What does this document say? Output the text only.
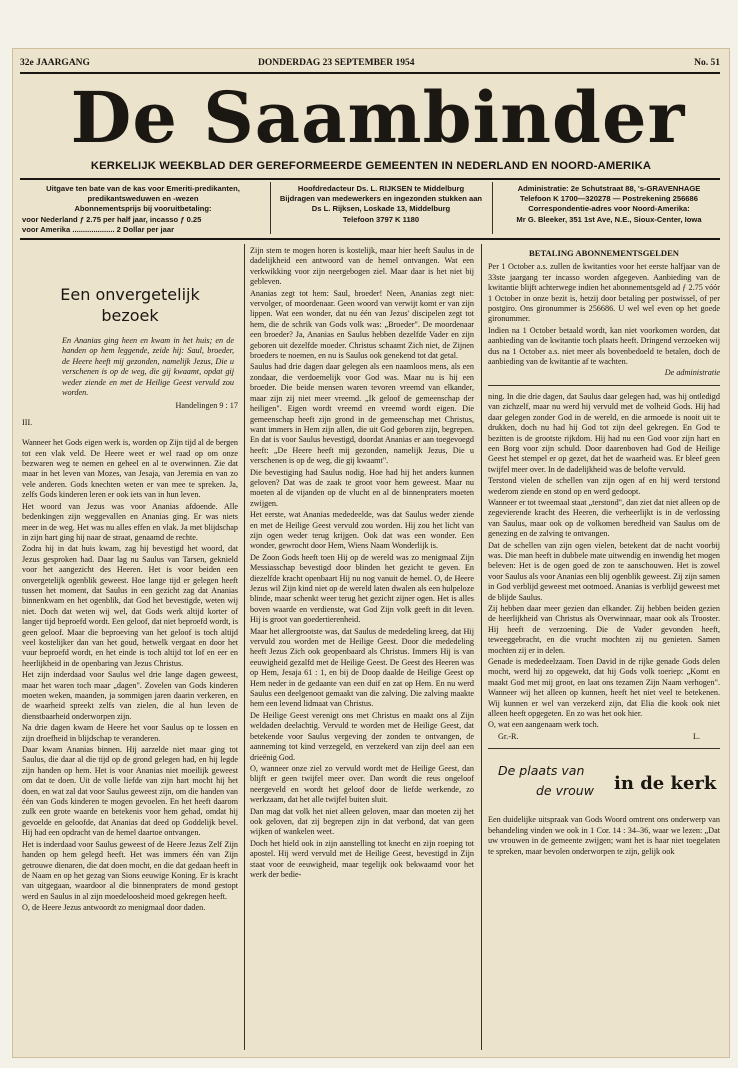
32e JAARGANG	DONDERDAG 23 SEPTEMBER 1954	No. 51
De Saambinder
KERKELIJK WEEKBLAD DER GEREFORMEERDE GEMEENTEN IN NEDERLAND EN NOORD-AMERIKA
Uitgave ten bate van de kas voor Emeriti-predikanten,
predikantsweduwen en -wezen
Abonnementsprijs bij vooruitbetaling:
voor Nederland ƒ 2.75 per half jaar, incasso ƒ 0.25
voor Amerika .................... 2 Dollar per jaar
Hoofdredacteur Ds. L. RIJKSEN te Middelburg
Bijdragen van medewerkers en ingezonden stukken aan
Ds L. Rijksen, Loskade 13, Middelburg
Telefoon 3797 K 1180
Administratie: 2e Schutstraat 88, 's-GRAVENHAGE
Telefoon K 1700—320278 — Postrekening 256686
Correspondentie-adres voor Noord-Amerika:
Mr G. Bleeker, 351 1st Ave, N.E., Sioux-Center, Iowa
Een onvergetelijk bezoek
En Ananias ging heen en kwam in het huis; en de handen op hem leggende, zeide hij: Saul, broeder, de Heere heeft mij gezonden, namelijk Jezus, Die u verschenen is op de weg, die gij kwaamt, opdat gij weder ziende en met de Heilige Geest vervuld zou worden.
Handelingen 9 : 17
III.

Wanneer het Gods eigen werk is, worden op Zijn tijd al de bergen tot een vlak veld. De Heere weet er wel raad op om onze bezwaren weg te nemen en geheel en al te overwinnen. Zie dat maar in het leven van Mozes, van Jesaja, van Jeremia en van zo vele anderen. Gods knechten weten er van mee te spreken. Ja, zelfs Gods kinderen leren er ook iets van in hun leven.

Het woord van Jezus was voor Ananias afdoende. Alle bedenkingen zijn weggevallen en Ananias ging. Er was niets meer in de weg. Het was nu alles effen en vlak. Ja met blijdschap in zijn hart ging hij naar de straat, genaamd de rechte.

Zodra hij in dat huis kwam, zag hij bevestigd het woord, dat Jezus gesproken had. Daar lag nu Saulus van Tarsen, geknield voor het aangezicht des Heeren. Het is voor beiden een onvergetelijk ogenblik geweest. Hoe lange tijd er gelegen heeft tussen het moment, dat Saulus in een gezicht zag dat Ananias binnenkwam en het ogenblik, dat God het bevestigde, weten wij niet. Doch dat weten wij wel, dat Gods werk altijd korter of langer tijd beproefd wordt. Een geloof, dat niet beproefd wordt, is geen geloof. Maar die beproeving van het geloof is toch altijd veel kostelijker dan van het goud, hetwelk vergaat en door het vuur beproefd wordt, en het einde is toch altijd tot lof en eer en heerlijkheid in de openbaring van Jezus Christus.

Het zijn inderdaad voor Saulus wel drie lange dagen geweest, maar het waren toch maar „dagen". Zovelen van Gods kinderen moeten weken, maanden, ja sommigen jaren daarin verkeren, en de waarheid spreekt zelfs van zielen, die al hun leven de dienstbaarheid onderworpen zijn.

Na drie dagen kwam de Heere het voor Saulus op te lossen en zijn droefheid in blijdschap te veranderen.

Daar kwam Ananias binnen. Hij aarzelde niet maar ging tot Saulus, die daar al die tijd op de grond gelegen had, en hij legde zijn handen op hem. Het is voor Ananias niet moeilijk geweest om dat te doen. Uit de volle liefde van zijn hart mocht hij het doen, en wat zal dat voor Saulus geweest zijn, om die handen van één van Gods kinderen te mogen gevoelen. En het heeft daarom zulk een grote waarde en betekenis voor hem gehad, omdat hij gevoelde en geloofde, dat Ananias dat deed op Goddelijk bevel. Hij had een opdracht van de hemel daartoe ontvangen.

Het is inderdaad voor Saulus geweest of de Heere Jezus Zelf Zijn handen op hem gelegd heeft. Het was immers één van Zijn getrouwe dienaren, die dat doen mocht, en die dat gedaan heeft in de Naam en op het gezag van Sions eeuwige Koning. Er is kracht van uitgegaan, waardoor al die binnenpraters de mond gestopt werd en Saulus in al zijn moedeloosheid moed gekregen heeft.

O, de Heere Jezus antwoordt zo menigmaal door daden.

Zijn stem te mogen horen is kostelijk, maar hier heeft Saulus in de dadelijkheid een antwoord van de hemel ontvangen. Wat een verkwikking voor zijn neergebogen ziel. Maar daar is het niet bij gebleven.

Ananias zegt tot hem: Saul, broeder! Neen, Ananias zegt niet: vervolger, of moordenaar. Geen woord van verwijt komt er van zijn lippen. Wat een wonder, dat nu één van Jezus' discipelen zegt tot hem, die de schrik van Gods volk was: „Broeder". De moordenaar een broeder? Ja, Ananias en Saulus hebben dezelfde Vader en zijn geboren uit dezelfde moeder. Christus schaamt Zich niet, de Zijnen broeders te noemen, en nu is Saulus ook genekend tot dat getal.

Saulus had drie dagen daar gelegen als een naamloos mens, als een zondaar, die verdoemelijk voor God was. Maar nu is hij een broeder. Die beide mensen waren tevoren vreemd van elkander, maar zijn zij niet meer vreemd. „Ik geloof de gemeenschap der heiligen". Eigen wordt vreemd en vreemd wordt eigen. Die gemeenschap heeft zijn grond in de gemeenschap met Christus, want immers in Hem zijn allen, die uit God geboren zijn, begrepen. En dat is voor Saulus bevestigd, doordat Ananias er aan toegevoegd heeft: „De Heere heeft mij gezonden, namelijk Jezus, Die u verschenen is op de weg, die gij kwaamt".

Die bevestiging had Saulus nodig. Hoe had hij het anders kunnen geloven? Dat was de zaak te groot voor hem geweest. Maar nu moeten al de vijanden op de vlucht en al de binnenpraters moeten zwijgen.

Het eerste, wat Ananias mededeelde, was dat Saulus weder ziende en met de Heilige Geest vervuld zou worden. Hij zou het licht van zijn ogen weder terug krijgen. Ook dat was een wonder. Een wonder, gewrocht door Hem, Wiens Naam Wonderlijk is.

De Zoon Gods heeft toen Hij op de wereld was zo menigmaal Zijn Messiasschap bevestigd door blinden het gezicht te geven. En diezelfde kracht openbaart Hij nu nog vanuit de hemel. O, de Heere Jezus wil Zijn kind niet op de wereld laten dwalen als een hulpeloze blinde, maar schenkt weer terug het gezicht zijner ogen. Het is alles boven waarde en verdienste, wat God Zijn volk geeft in dit leven. Hij is groot van goedertierenheid.

Maar het allergrootste was, dat Saulus de mededeling kreeg, dat Hij vervuld zou worden met de Heilige Geest. Door die mededeling heeft Jezus Zich ook geopenbaard als Christus. Immers Hij is van eeuwigheid gezalfd met de Heilige Geest. De Geest des Heeren was op Hem, Jesaja 61 : 1, en bij de Doop daalde de Heilige Geest op Hem neder in de gedaante van een duif en zat op Hem. En nu werd Saulus een deelgenoot gemaakt van die zalving. Die zalving maakte hem een levend lidmaat van Christus.

De Heilige Geest verenigt ons met Christus en maakt ons al Zijn weldaden deelachtig. Vervuld te worden met de Heilige Geest, dat betekende voor Saulus vergeving der zonden te ontvangen, de aanneming tot kind verzegeld, en verzekerd van zijn deel aan een drieënig God.

O, wanneer onze ziel zo vervuld wordt met de Heilige Geest, dan blijft er geen twijfel meer over. Dan wordt die reus ongeloof neergeveld en wordt het geloof door de liefde werkende, zo werkzaam, dat het alle twijfel buiten sluit.

Dan mag dat volk het niet alleen geloven, maar dan moeten zij het ook geloven, dat zij begrepen zijn in dat verbond, dat van geen wijken of wankelen weet.

Doch het hield ook in zijn aanstelling tot knecht en zijn roeping tot apostel. Hij werd vervuld met de Heilige Geest, bevestigd in Zijn staat voor de eeuwigheid, maar tegelijk ook bekwaamd voor het werk der bedie-

BETALING ABONNEMENTSGELDEN

Per 1 October a.s. zullen de kwitanties voor het eerste halfjaar van de 33ste jaargang ter incasso worden afgegeven. Aanbieding van de kwitantie blijft achterwege indien het abonnementsgeld ad ƒ 2.75 vóór 1 October in onze bezit is, hetzij door betaling per postwissel, of per postgiro. Ons gironummer is 256686. U wel wel even op het goede gironummer.

Indien na 1 October betaald wordt, kan niet voorkomen worden, dat aanbieding van de kwitantie toch plaats heeft. Dringend verzoeken wij dus na 1 October a.s. niet meer als bovenbedoeld te betalen, doch de aanbieding van de kwitantie af te wachten.

De administratie

ning. In die drie dagen, dat Saulus daar gelegen had, was hij ontledigd van zichzelf, maar nu werd hij vervuld met de volheid Gods. Hij had daar gelegen zonder God in de wereld, en die armoede is nooit uit te drukken, doch nu had hij God tot zijn deel gekregen. En God te bezitten is de grootste rijkdom. Hij had nu een God voor zijn hart en een Borg voor zijn schuld. Door daarenboven had God de Heilige Geest het stempel er op gezet, dat het de waarheid was. Er bleef geen twijfel meer over. In de dadelijkheid was de belofte vervuld.

Terstond vielen de schellen van zijn ogen af en hij werd terstond wederom ziende en stond op en werd gedoopt.

Wanneer er tot tweemaal staat „terstond", dan ziet dat niet alleen op de zegevierende kracht des Heeren, die verheerlijkt is in de verlossing van Saulus, maar ook op de volkomen beredheid van Saulus om de genezing en de zalving te ontvangen.

Dat de schellen van zijn ogen vielen, betekent dat de nacht voorbij was. Die man heeft in dubbele mate uitwendig en inwendig het mogen beleven: Het is de ogen goed de zon te aanschouwen. Het is zowel voor Saulus als voor Ananias een blij ogenblik geweest. Zij zijn samen in God verblijd geweest met ootmoed. Ananias is verblijd geweest met de blijde Saulus.

Zij hebben daar meer gezien dan elkander. Zij hebben beiden gezien de heerlijkheid van Christus als Overwinnaar, maar ook als Trooster. Hij heeft de verzoening. Die de Vader gevonden heeft, teweeggebracht, en die vrucht mochten zij nu genieten. Samen mochten zij er in delen.

Genade is mededeelzaam. Toen David in de rijke genade Gods delen mocht, werd hij zo opgewekt, dat hij Gods volk toeriep: „Komt en maakt God met mij groot, en laat ons tezamen Zijn Naam verhogen". Wanneer wij het alleen op kunnen, heeft het niet veel te betekenen. Wij kunnen er wel van verzekerd zijn, dat Elia die kook ook niet alleen heeft opgegeten. En zo was het ook hier.

O, wat een aangenaam werk toch.

Gr.-R.	L.
De plaats van
de vrouw in de kerk

Een duidelijke uitspraak van Gods Woord omtrent ons onderwerp van behandeling vinden we ook in 1 Cor. 14 : 34–36, waar we lezen: „Dat uw vrouwen in de gemeente zwijgen; want het is haar niet toegelaten te spreken, maar bevolen onderworpen te zijn, gelijk ook
